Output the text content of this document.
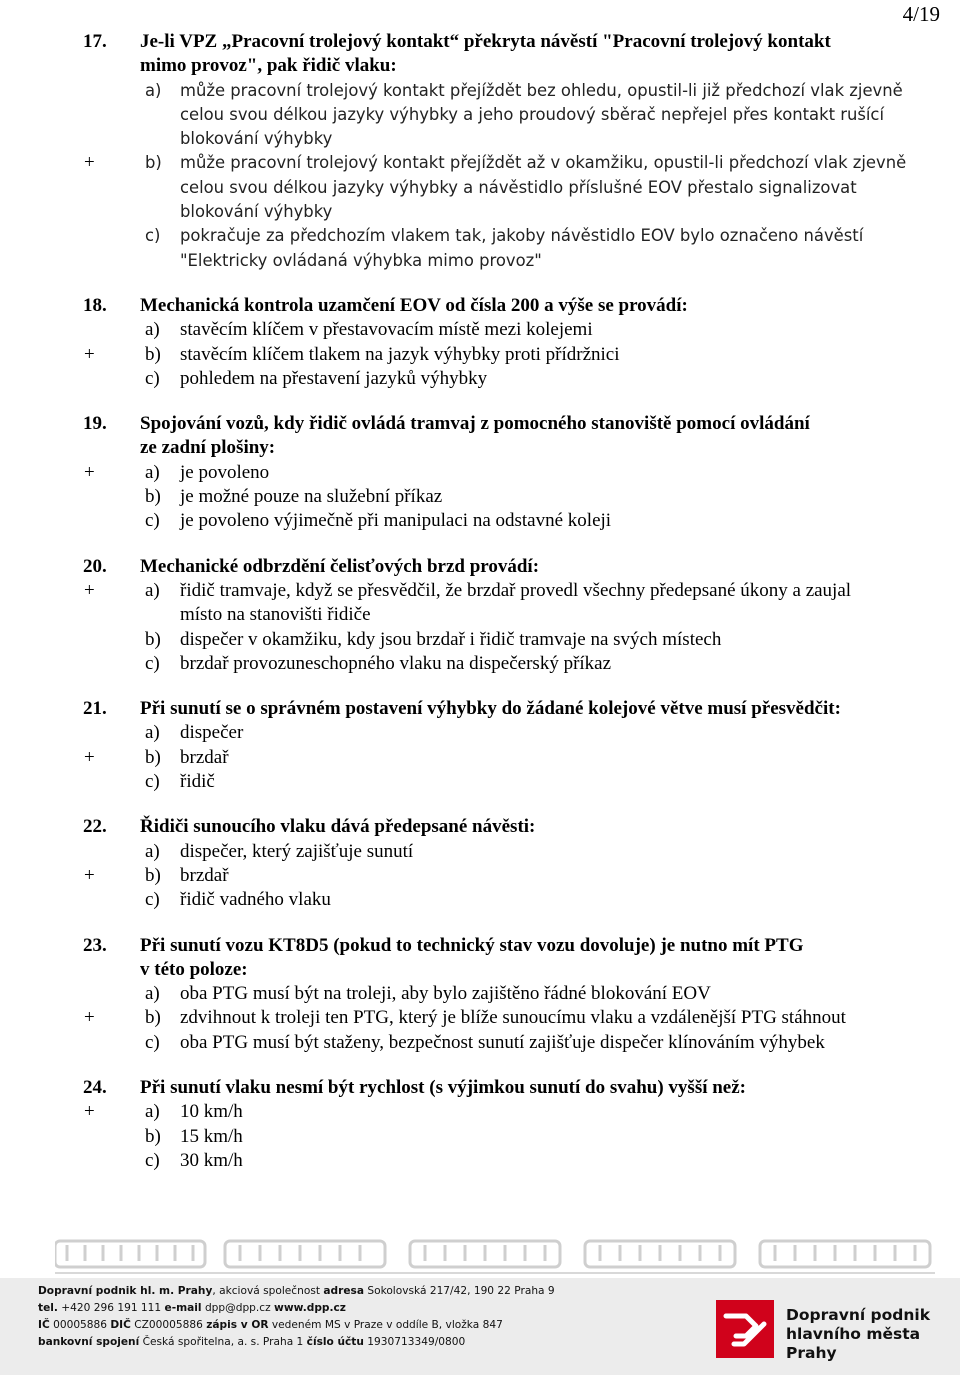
4/19
17. Je-li VPZ „Pracovní trolejový kontakt“ překryta návěstí "Pracovní trolejový kontakt
mimo provoz", pak řidič vlaku:
a) může pracovní trolejový kontakt přejíždět bez ohledu, opustil-li již předchozí vlak zjevně
celou svou délkou jazyky výhybky a jeho proudový sběrač nepřejel přes kontakt rušící
blokování výhybky
+	b) může pracovní trolejový kontakt přejíždět až v okamžiku, opustil-li předchozí vlak zjevně
celou svou délkou jazyky výhybky a návěstidlo příslušné EOV přestalo signalizovat
blokování výhybky
c) pokračuje za předchozím vlakem tak, jakoby návěstidlo EOV bylo označeno návěstí
"Elektricky ovládaná výhybka mimo provoz"
18. Mechanická kontrola uzamčení EOV od čísla 200 a výše se provádí:
a) stavěcím klíčem v přestavovacím místě mezi kolejemi
+	b) stavěcím klíčem tlakem na jazyk výhybky proti přídržnici
c) pohledem na přestavení jazyků výhybky
19. Spojování vozů, kdy řidič ovládá tramvaj z pomocného stanoviště pomocí ovládání
ze zadní plošiny:
+	a) je povoleno
b) je možné pouze na služební příkaz
c) je povoleno výjimečně při manipulaci na odstavné koleji
20. Mechanické odbrzdění čelisťových brzd provádí:
+	a) řidič tramvaje, když se přesvědčil, že brzdař provedl všechny předepsané úkony a zaujal
místo na stanovišti řidiče
b) dispečer v okamžiku, kdy jsou brzdař i řidič tramvaje na svých místech
c) brzdař provozuneschopného vlaku na dispečerský příkaz
21. Při sunutí se o správném postavení výhybky do žádané kolejové větve musí přesvědčit:
a) dispečer
+	b) brzdař
c) řidič
22. Řidiči sunoucího vlaku dává předepsané návěsti:
a) dispečer, který zajišťuje sunutí
+	b) brzdař
c) řidič vadného vlaku
23. Při sunutí vozu KT8D5 (pokud to technický stav vozu dovoluje) je nutno mít PTG
v této poloze:
a) oba PTG musí být na troleji, aby bylo zajištěno řádné blokování EOV
+	b) zdvihnout k troleji ten PTG, který je blíže sunoucímu vlaku a vzdálenější PTG stáhnout
c) oba PTG musí být staženy, bezpečnost sunutí zajišťuje dispečer klínováním výhybek
24. Při sunutí vlaku nesmí být rychlost (s výjimkou sunutí do svahu) vyšší než:
+	a) 10 km/h
b) 15 km/h
c) 30 km/h
Dopravní podnik hl. m. Prahy, akciová společnost adresa Sokolovská 217/42, 190 22 Praha 9
tel. +420 296 191 111 e-mail dpp@dpp.cz www.dpp.cz
IČ 00005886 DIČ CZ00005886 zápis v OR vedeném MS v Praze v oddíle B, vložka 847
bankovní spojení Česká spořitelna, a. s. Praha 1 číslo účtu 1930713349/0800
Dopravní podnik
hlavního města Prahy
